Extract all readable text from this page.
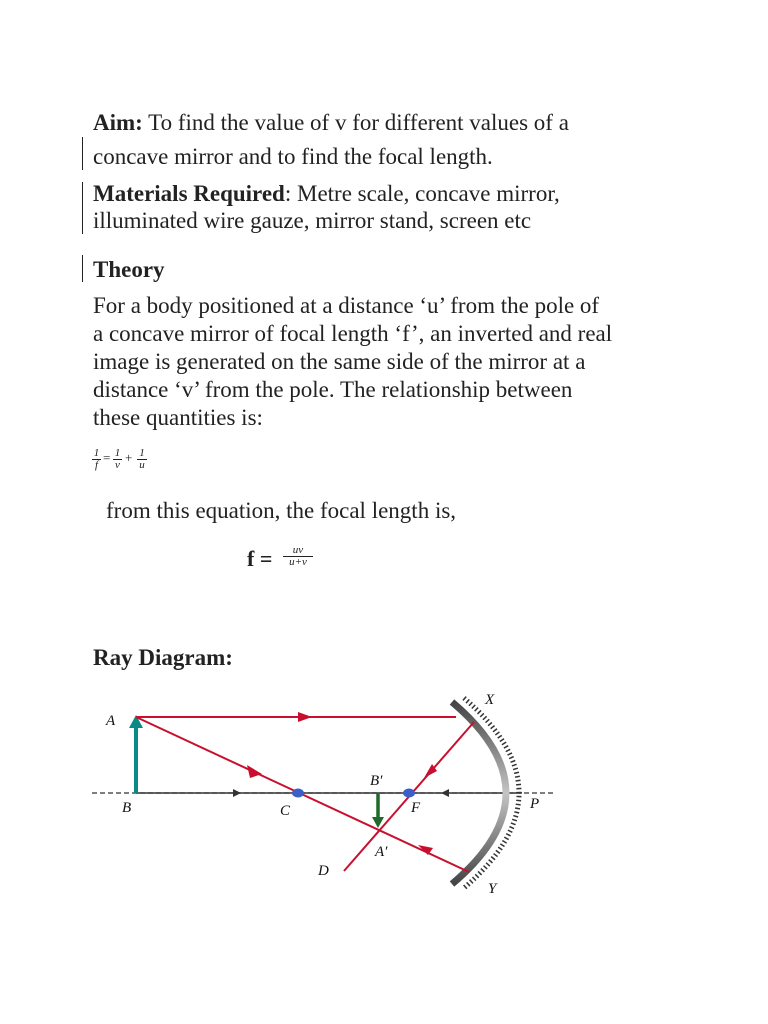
Aim: To find the value of v for different values of a
concave mirror and to find the focal length.
Materials Required: Metre scale, concave mirror,
illuminated wire gauze, mirror stand, screen etc
Theory
For a body positioned at a distance ‘u’ from the pole of
a concave mirror of focal length ‘f’, an inverted and real
image is generated on the same side of the mirror at a
distance ‘v’ from the pole. The relationship between
these quantities is:
$\frac{1}{f} = \frac{1}{v} + \frac{1}{u}$
from this equation, the focal length is,
$f = \frac{uv}{u+v}$
Ray Diagram:
A
B	C
D
F	P
X
Y
A′
B′
